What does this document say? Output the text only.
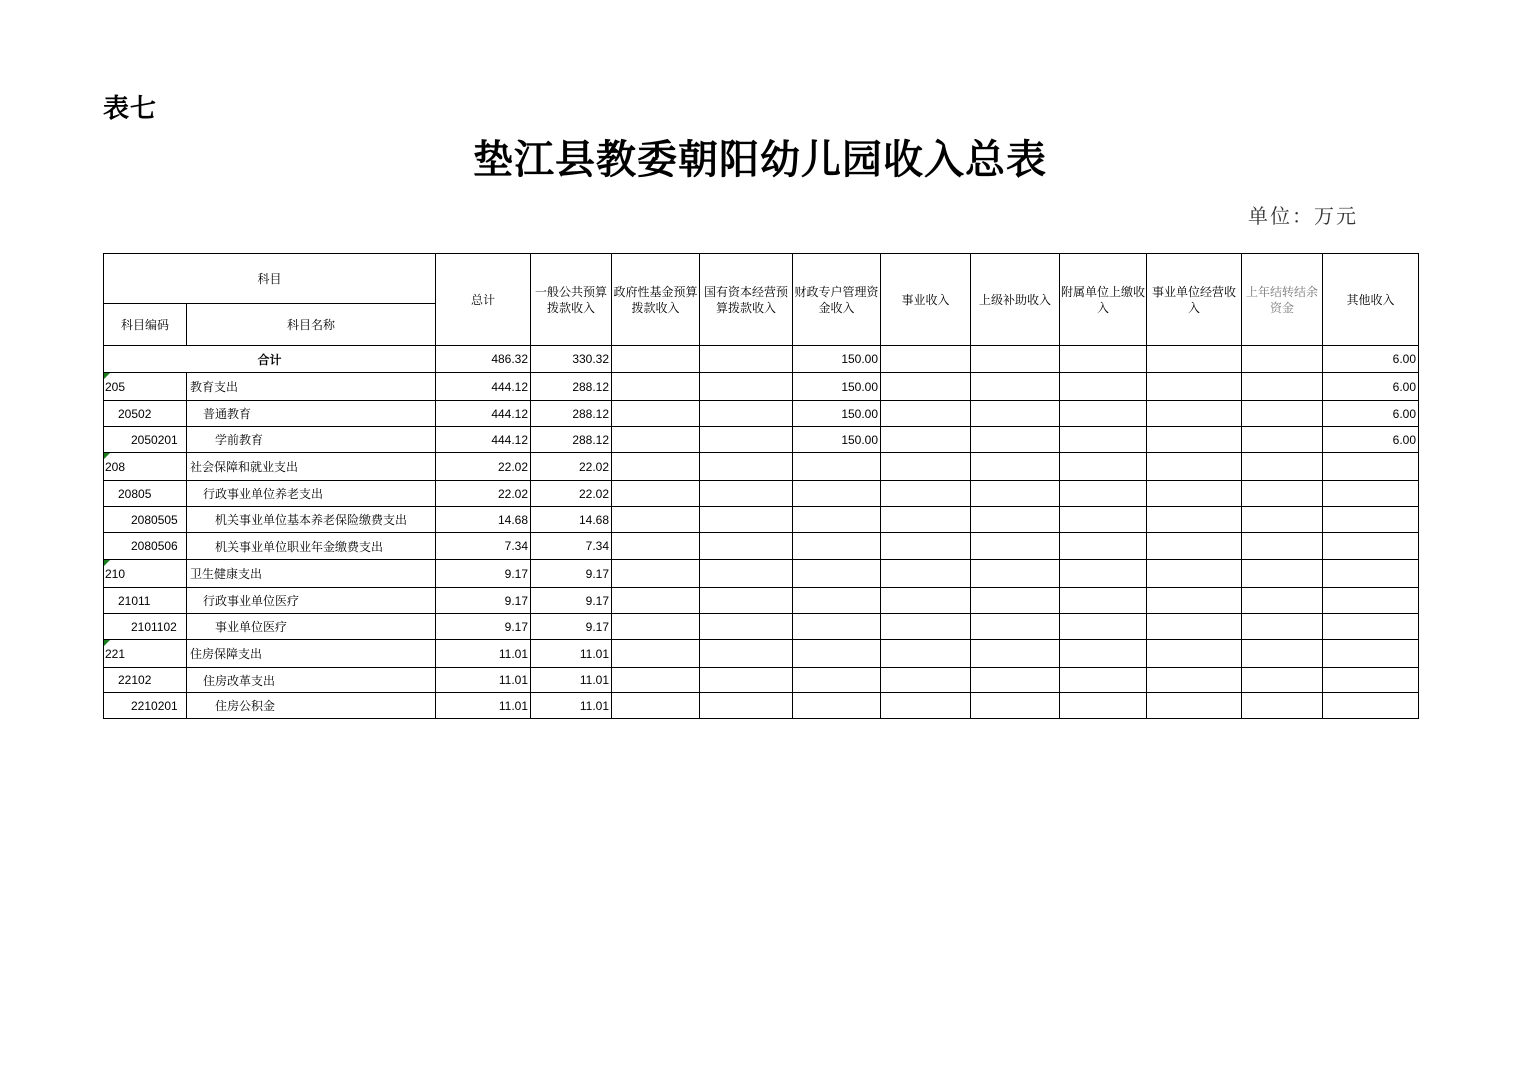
表七
垫江县教委朝阳幼儿园收入总表
单位：万元
科目		总计	一般公共预算拨款收入	政府性基金预算拨款收入	国有资本经营预算拨款收入	财政专户管理资金收入	事业收入	上级补助收入	附属单位上缴收入	事业单位经营收入	上年结转结余资金	其他收入
科目编码	科目名称											
合计		486.32	330.32			150.00						6.00
205	教育支出	444.12	288.12			150.00						6.00
20502	普通教育	444.12	288.12			150.00						6.00
2050201	学前教育	444.12	288.12			150.00						6.00
208	社会保障和就业支出	22.02	22.02									
20805	行政事业单位养老支出	22.02	22.02									
2080505	机关事业单位基本养老保险缴费支出	14.68	14.68									
2080506	机关事业单位职业年金缴费支出	7.34	7.34									
210	卫生健康支出	9.17	9.17									
21011	行政事业单位医疗	9.17	9.17									
2101102	事业单位医疗	9.17	9.17									
221	住房保障支出	11.01	11.01									
22102	住房改革支出	11.01	11.01									
2210201	住房公积金	11.01	11.01									
